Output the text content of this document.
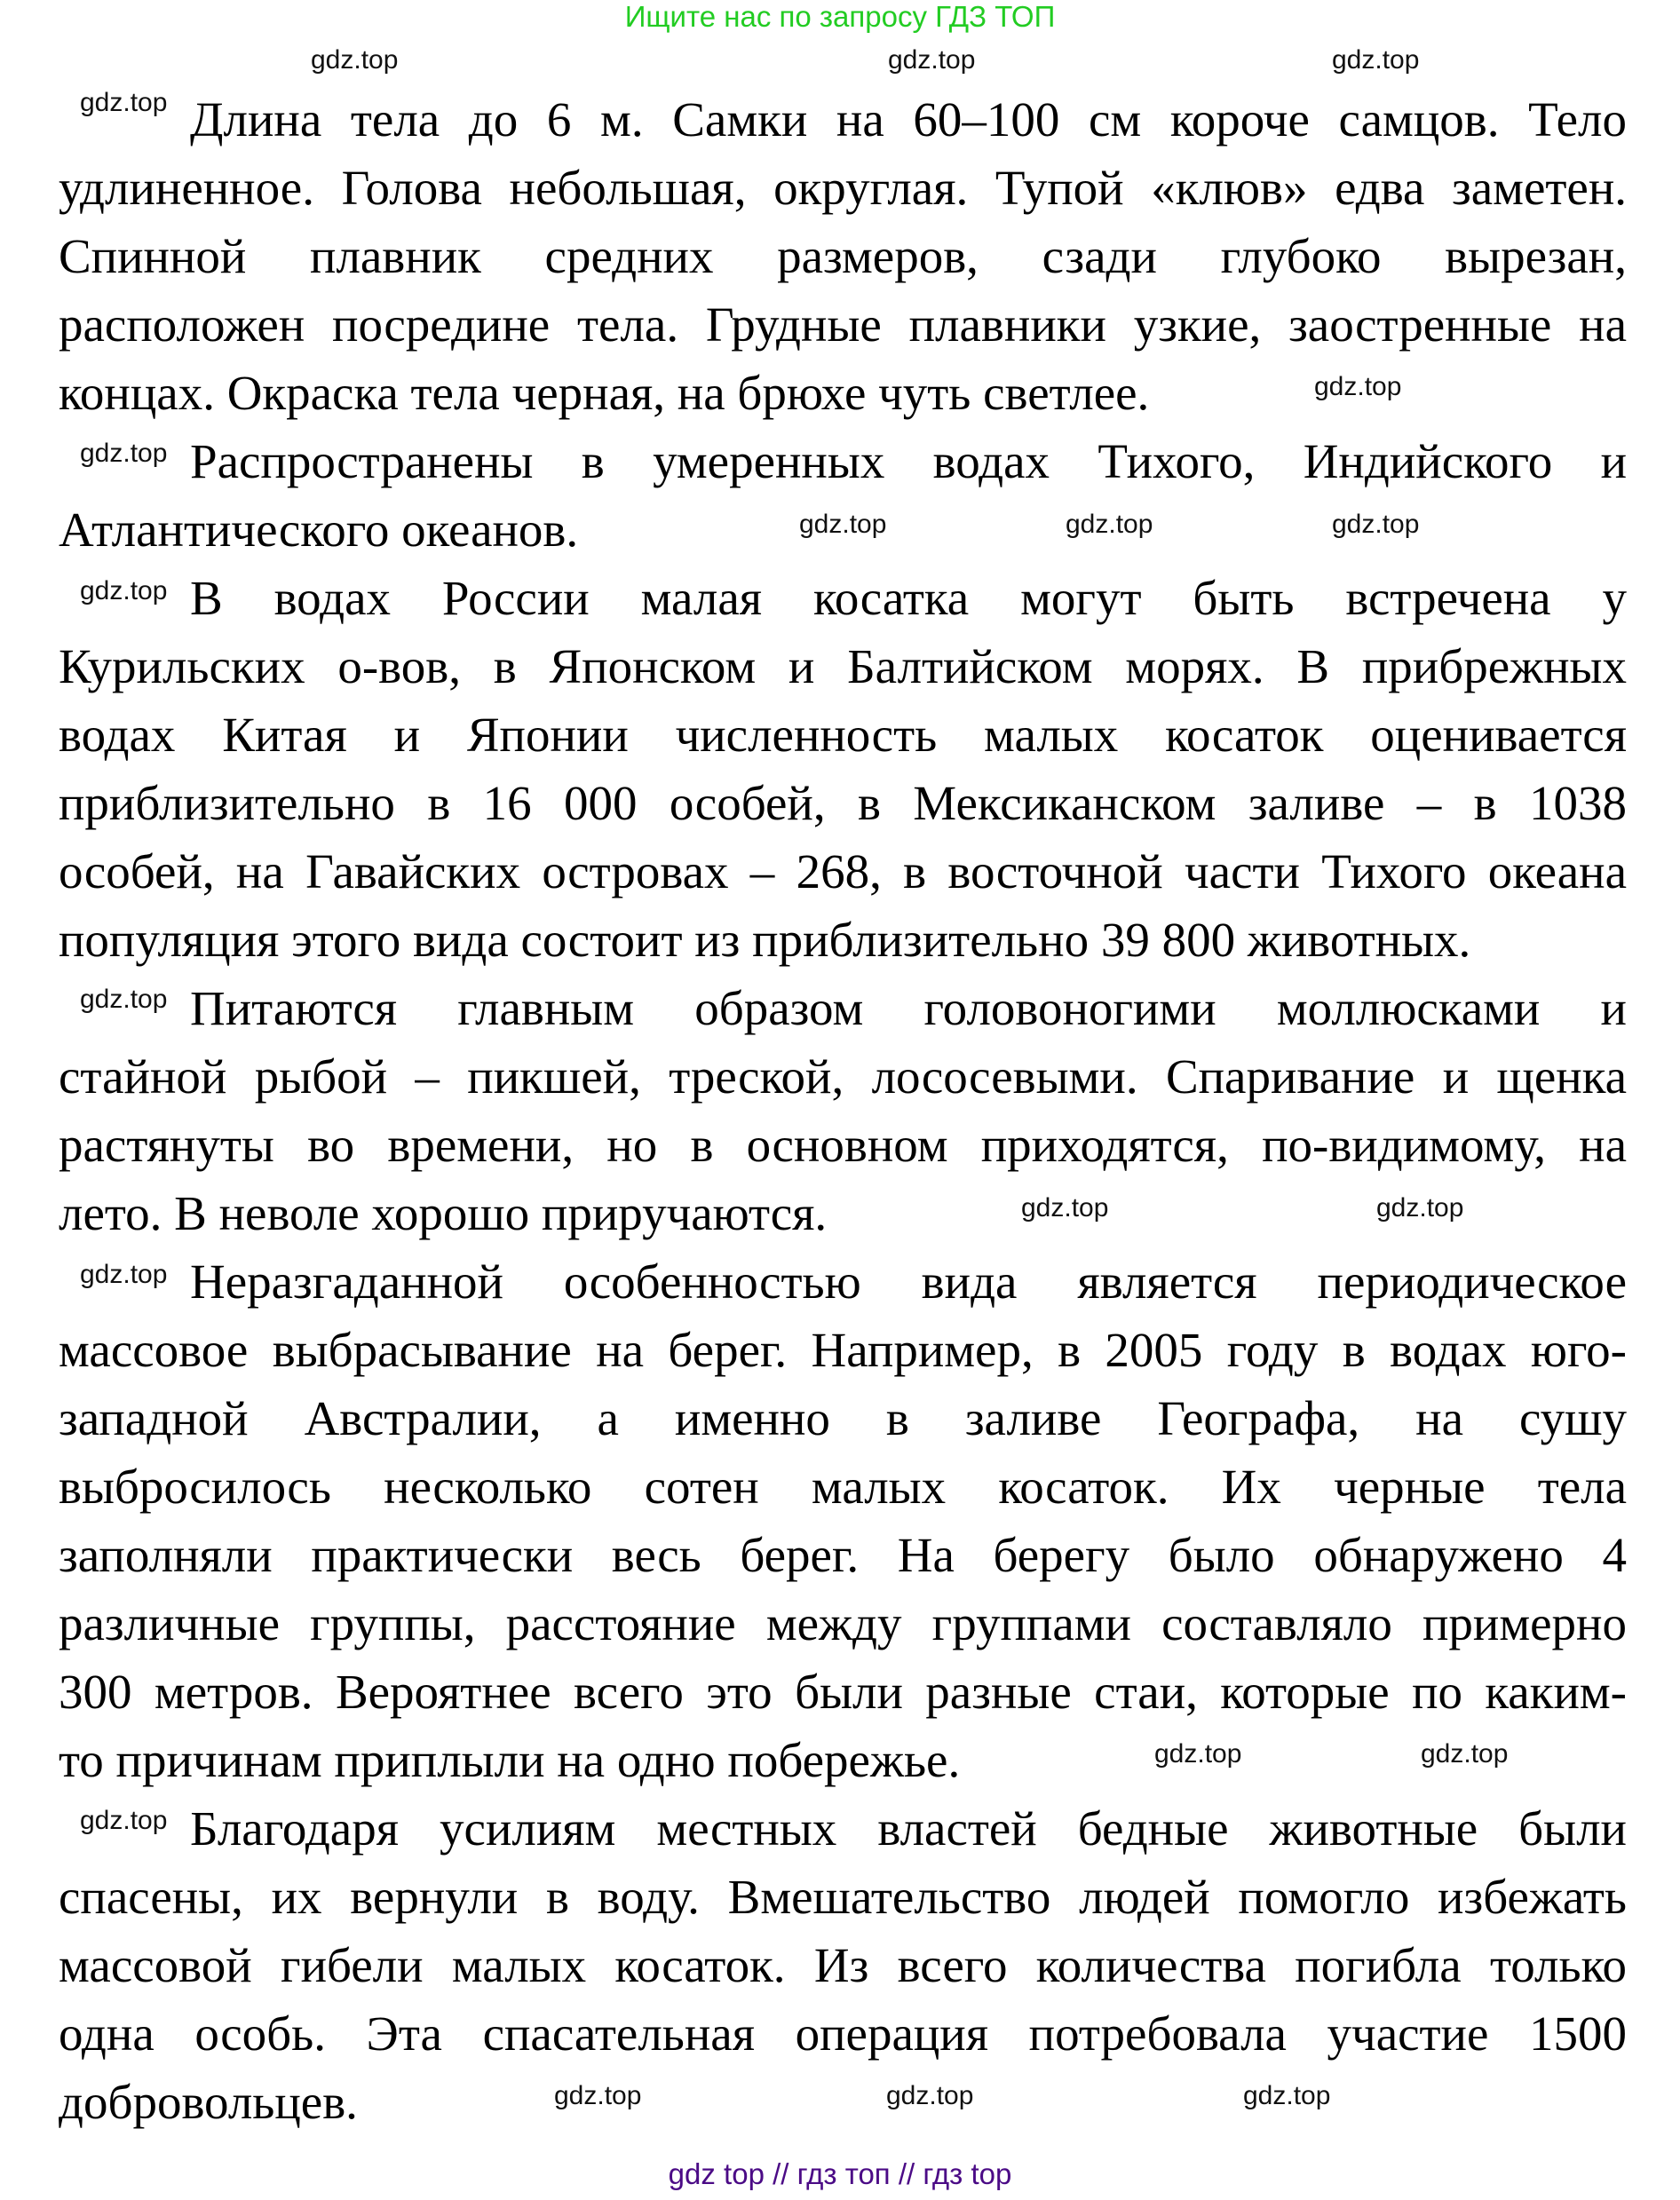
Ищите нас по запросу ГДЗ ТОП
Длина тела до 6 м. Самки на 60–100 см короче самцов. Тело
удлиненное. Голова небольшая, округлая. Тупой «клюв» едва заметен.
Спинной плавник средних размеров, сзади глубоко вырезан,
расположен посредине тела. Грудные плавники узкие, заостренные на
концах. Окраска тела черная, на брюхе чуть светлее.
Распространены в умеренных водах Тихого, Индийского и
Атлантического океанов.
В водах России малая косатка могут быть встречена у
Курильских о-вов, в Японском и Балтийском морях. В прибрежных
водах Китая и Японии численность малых косаток оценивается
приблизительно в 16 000 особей, в Мексиканском заливе – в 1038
особей, на Гавайских островах – 268, в восточной части Тихого океана
популяция этого вида состоит из приблизительно 39 800 животных.
Питаются главным образом головоногими моллюсками и
стайной рыбой – пикшей, треской, лососевыми. Спаривание и щенка
растянуты во времени, но в основном приходятся, по-видимому, на
лето. В неволе хорошо приручаются.
Неразгаданной особенностью вида является периодическое
массовое выбрасывание на берег. Например, в 2005 году в водах юго-
западной Австралии, а именно в заливе Географа, на сушу
выбросилось несколько сотен малых косаток. Их черные тела
заполняли практически весь берег. На берегу было обнаружено 4
различные группы, расстояние между группами составляло примерно
300 метров. Вероятнее всего это были разные стаи, которые по каким-
то причинам приплыли на одно побережье.
Благодаря усилиям местных властей бедные животные были
спасены, их вернули в воду. Вмешательство людей помогло избежать
массовой гибели малых косаток. Из всего количества погибла только
одна особь. Эта спасательная операция потребовала участие 1500
добровольцев.
gdz.top	gdz.top	gdz.top
gdz.top
gdz.top
gdz.top
gdz.top	gdz.top	gdz.top
gdz.top
gdz.top
gdz.top	gdz.top
gdz.top
gdz.top	gdz.top
gdz.top
gdz.top	gdz.top	gdz.top
gdz top // гдз топ // гдз top
